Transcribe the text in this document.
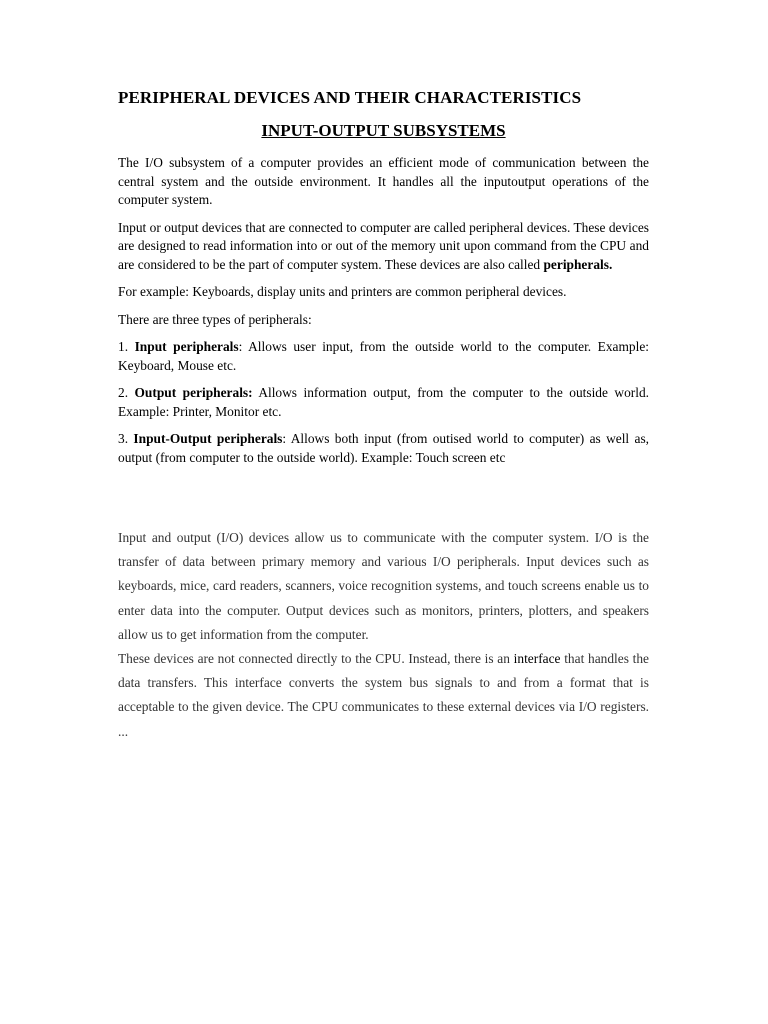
PERIPHERAL DEVICES AND THEIR CHARACTERISTICS
INPUT-OUTPUT SUBSYSTEMS

The I/O subsystem of a computer provides an efficient mode of communication between the central system and the outside environment. It handles all the inputoutput operations of the computer system.

Input or output devices that are connected to computer are called peripheral devices. These devices are designed to read information into or out of the memory unit upon command from the CPU and are considered to be the part of computer system. These devices are also called peripherals.

For example: Keyboards, display units and printers are common peripheral devices.

There are three types of peripherals:

1. Input peripherals: Allows user input, from the outside world to the computer. Example: Keyboard, Mouse etc.

2. Output peripherals: Allows information output, from the computer to the outside world. Example: Printer, Monitor etc.

3. Input-Output peripherals: Allows both input (from outised world to computer) as well as, output (from computer to the outside world). Example: Touch screen etc

Input and output (I/O) devices allow us to communicate with the computer system. I/O is the transfer of data between primary memory and various I/O peripherals. Input devices such as keyboards, mice, card readers, scanners, voice recognition systems, and touch screens enable us to enter data into the computer. Output devices such as monitors, printers, plotters, and speakers allow us to get information from the computer.

These devices are not connected directly to the CPU. Instead, there is an interface that handles the data transfers. This interface converts the system bus signals to and from a format that is acceptable to the given device. The CPU communicates to these external devices via I/O registers. ...
